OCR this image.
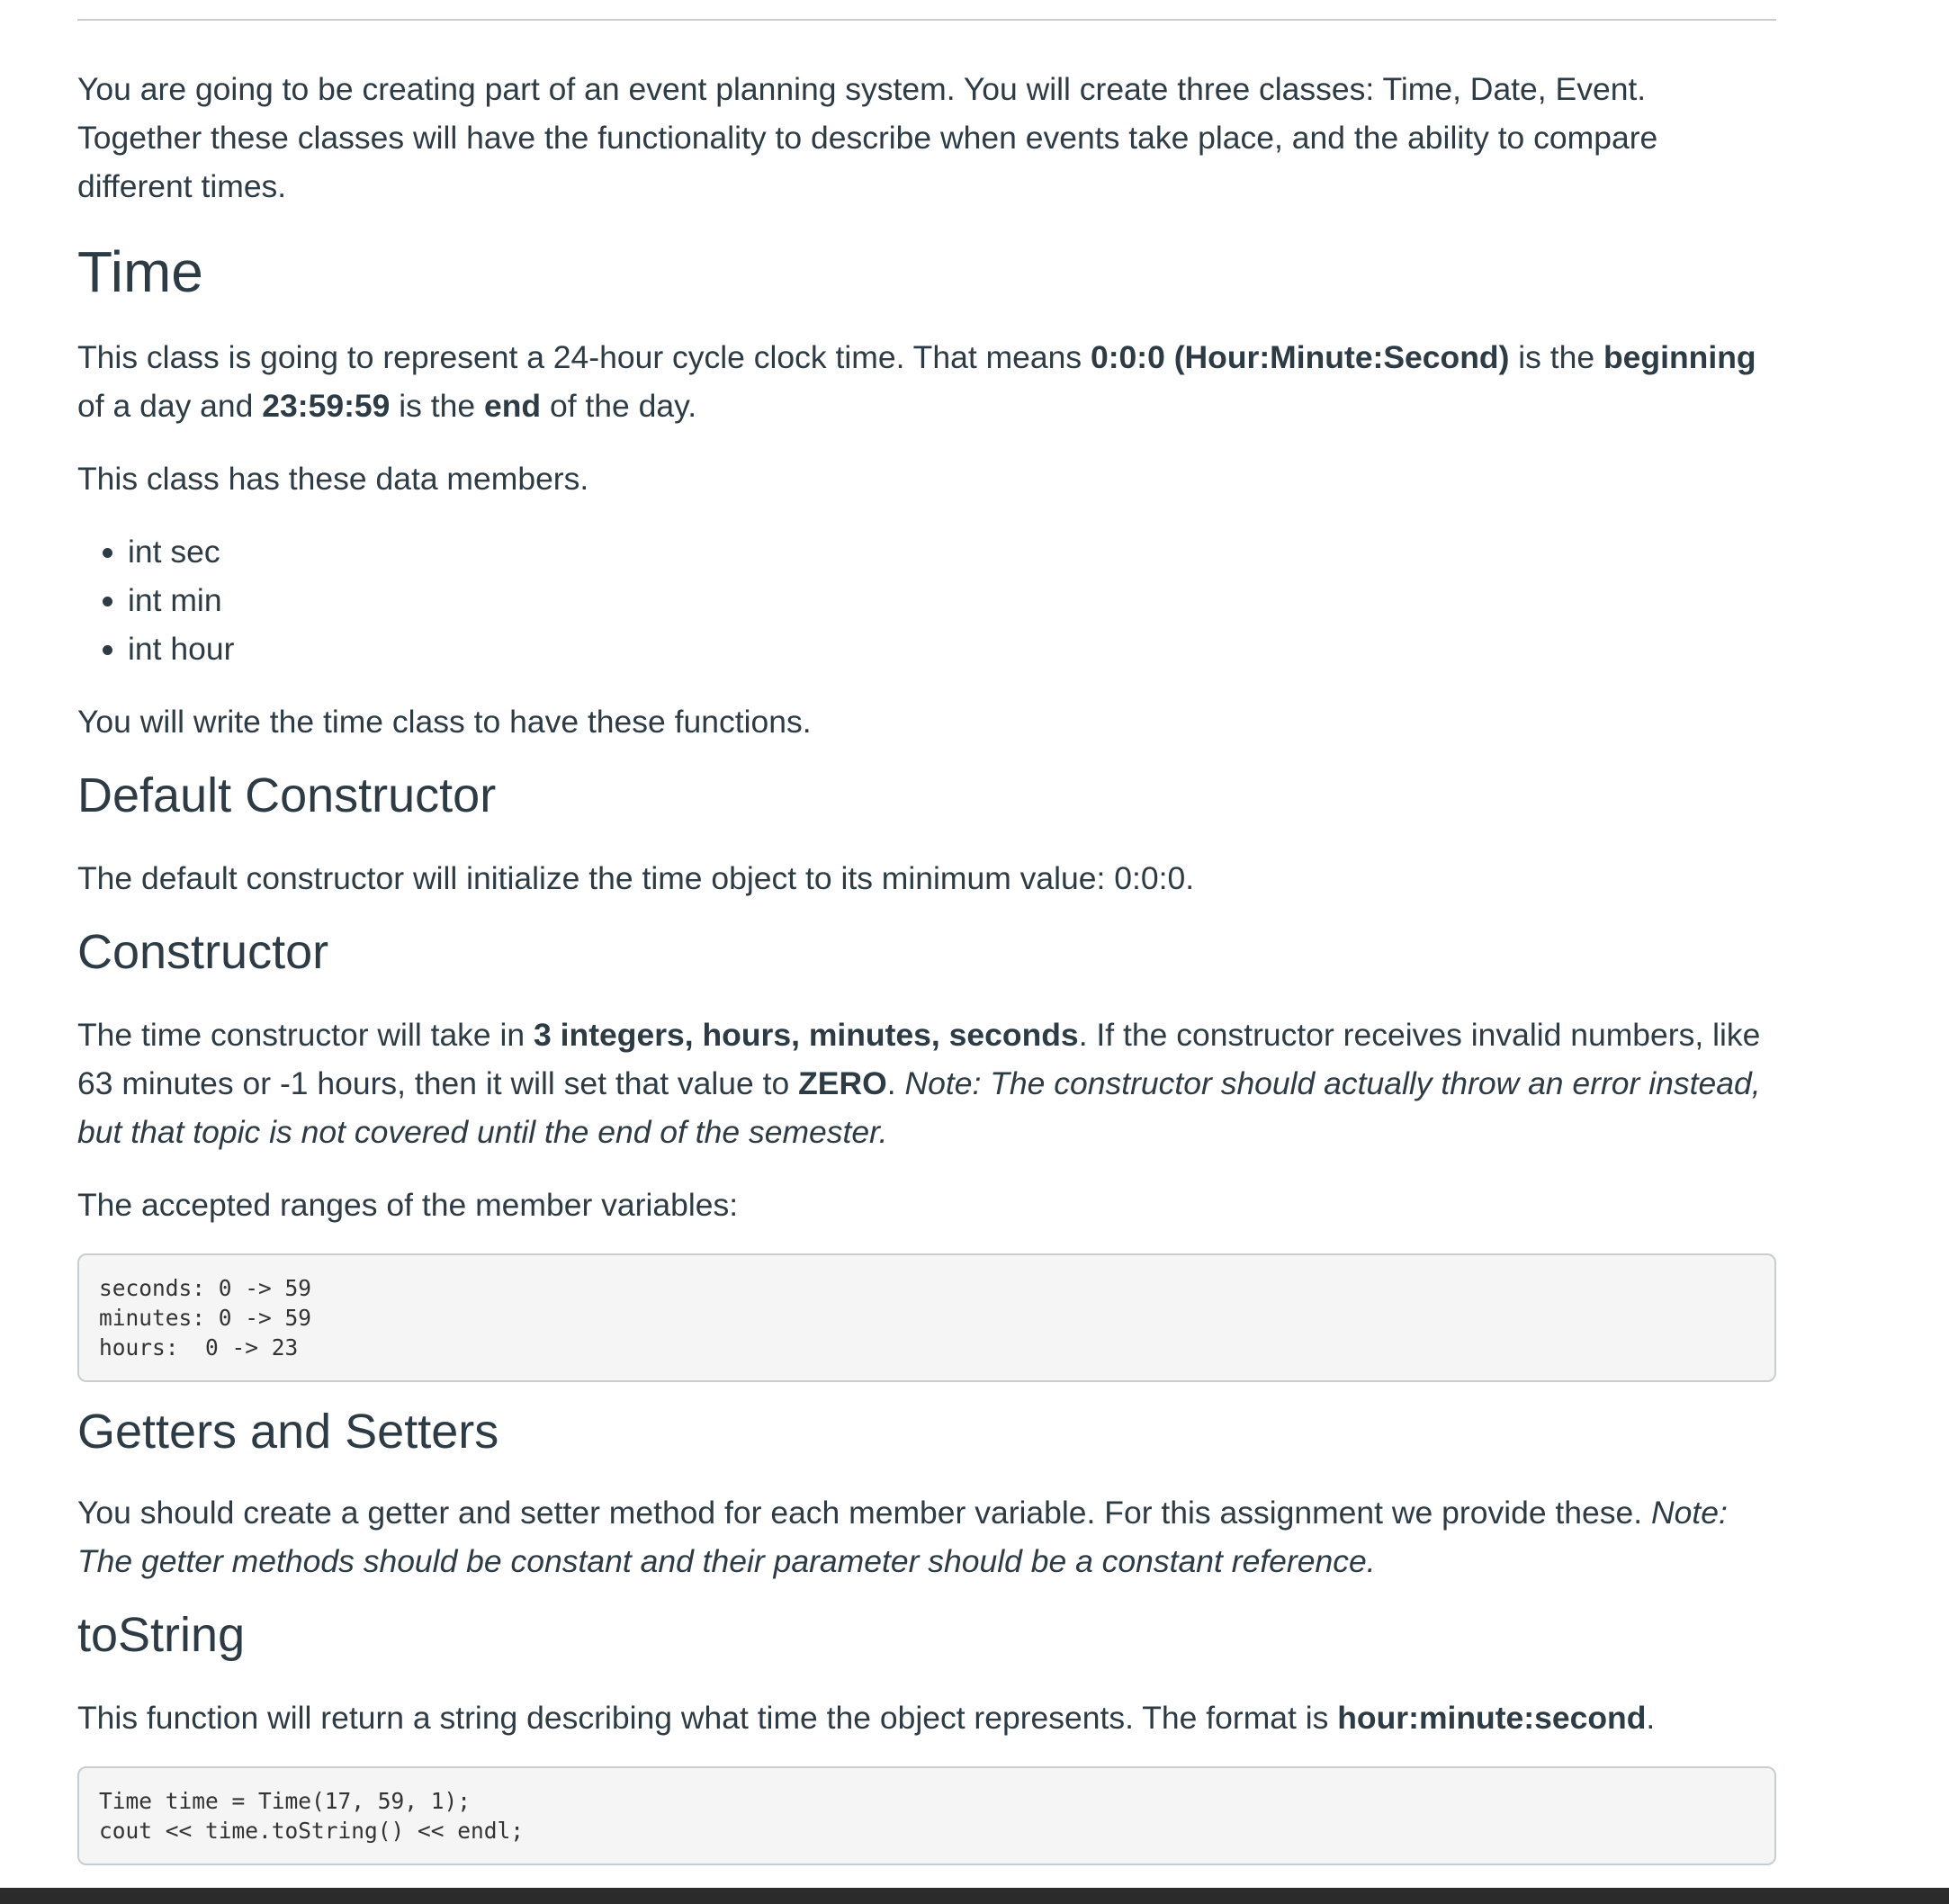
You are going to be creating part of an event planning system. You will create three classes: Time, Date, Event. Together these classes will have the functionality to describe when events take place, and the ability to compare different times.

Time

This class is going to represent a 24-hour cycle clock time. That means 0:0:0 (Hour:Minute:Second) is the beginning of a day and 23:59:59 is the end of the day.

This class has these data members.

• int sec
• int min
• int hour

You will write the time class to have these functions.

Default Constructor

The default constructor will initialize the time object to its minimum value: 0:0:0.

Constructor

The time constructor will take in 3 integers, hours, minutes, seconds. If the constructor receives invalid numbers, like 63 minutes or -1 hours, then it will set that value to ZERO. Note: The constructor should actually throw an error instead, but that topic is not covered until the end of the semester.

The accepted ranges of the member variables:

seconds: 0 -> 59
minutes: 0 -> 59
hours:  0 -> 23
Getters and Setters

You should create a getter and setter method for each member variable. For this assignment we provide these. Note: The getter methods should be constant and their parameter should be a constant reference.

toString

This function will return a string describing what time the object represents. The format is hour:minute:second.

Time time = Time(17, 59, 1);
cout << time.toString() << endl;
